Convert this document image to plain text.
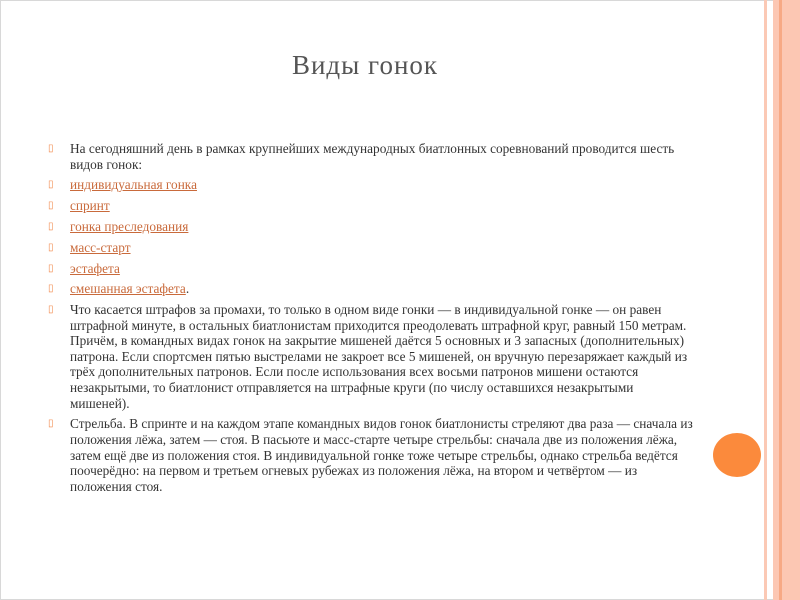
Виды гонок
▯ На сегодняшний день в рамках крупнейших международных биатлонных соревнований проводится шесть видов гонок:
▯ индивидуальная гонка
▯ спринт
▯ гонка преследования
▯ масс-старт
▯ эстафета
▯ смешанная эстафета.
▯ Что касается штрафов за промахи, то только в одном виде гонки — в индивидуальной гонке — он равен штрафной минуте, в остальных биатлонистам приходится преодолевать штрафной круг, равный 150 метрам. Причём, в командных видах гонок на закрытие мишеней даётся 5 основных и 3 запасных (дополнительных) патрона. Если спортсмен пятью выстрелами не закроет все 5 мишеней, он вручную перезаряжает каждый из трёх дополнительных патронов. Если после использования всех восьми патронов мишени остаются незакрытыми, то биатлонист отправляется на штрафные круги (по числу оставшихся незакрытыми мишеней).
▯ Стрельба. В спринте и на каждом этапе командных видов гонок биатлонисты стреляют два раза — сначала из положения лёжа, затем — стоя. В пасьюте и масс-старте четыре стрельбы: сначала две из положения лёжа, затем ещё две из положения стоя. В индивидуальной гонке тоже четыре стрельбы, однако стрельба ведётся поочерёдно: на первом и третьем огневых рубежах из положения лёжа, на втором и четвёртом — из положения стоя.
